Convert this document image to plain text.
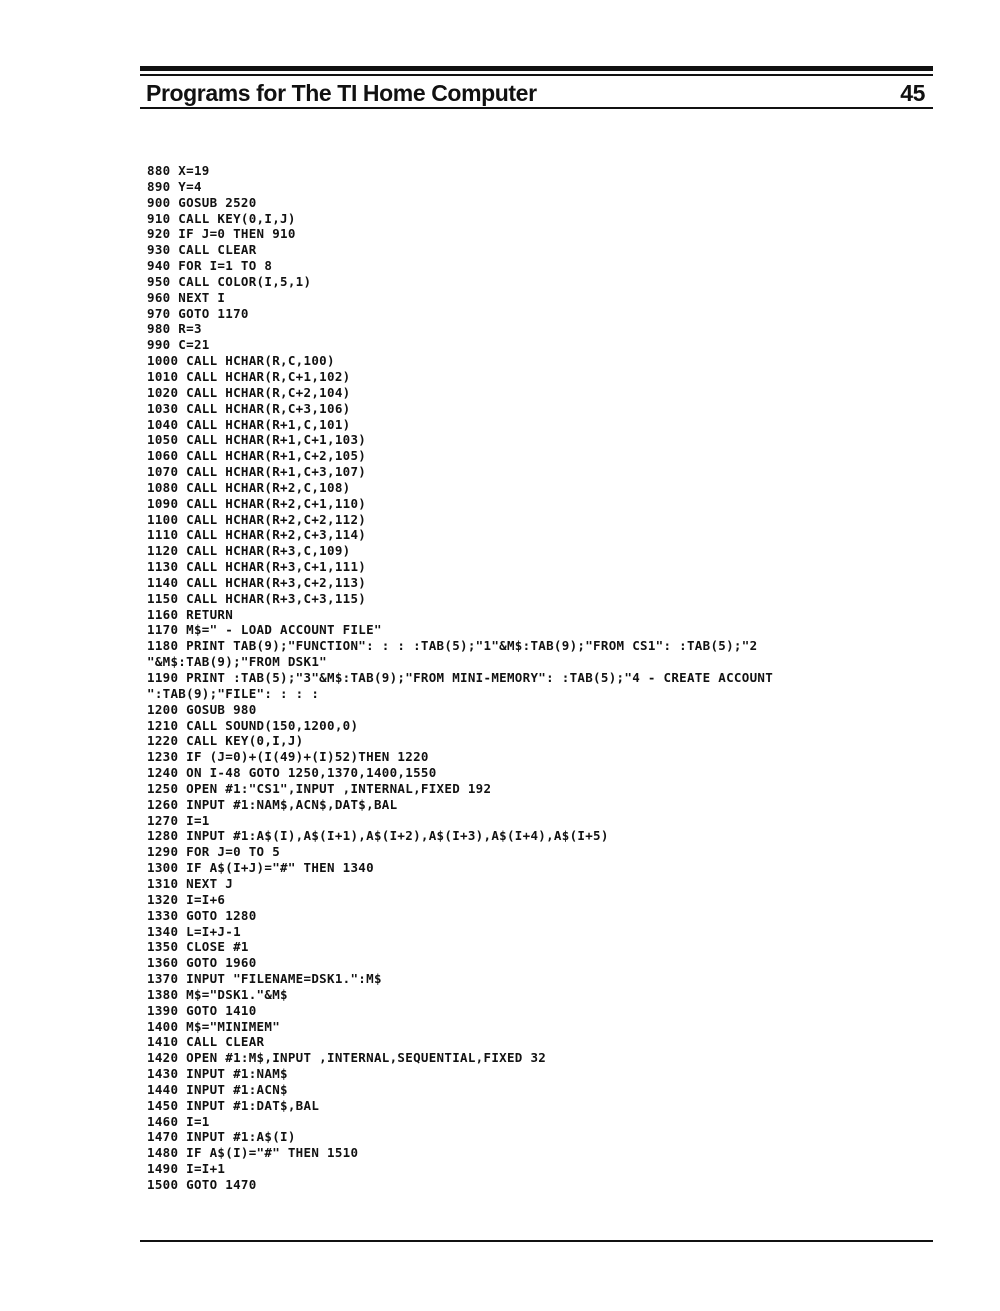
Programs for The TI Home Computer	45
880 X=19
890 Y=4
900 GOSUB 2520
910 CALL KEY(0,I,J)
920 IF J=0 THEN 910
930 CALL CLEAR
940 FOR I=1 TO 8
950 CALL COLOR(I,5,1)
960 NEXT I
970 GOTO 1170
980 R=3
990 C=21
1000 CALL HCHAR(R,C,100)
1010 CALL HCHAR(R,C+1,102)
1020 CALL HCHAR(R,C+2,104)
1030 CALL HCHAR(R,C+3,106)
1040 CALL HCHAR(R+1,C,101)
1050 CALL HCHAR(R+1,C+1,103)
1060 CALL HCHAR(R+1,C+2,105)
1070 CALL HCHAR(R+1,C+3,107)
1080 CALL HCHAR(R+2,C,108)
1090 CALL HCHAR(R+2,C+1,110)
1100 CALL HCHAR(R+2,C+2,112)
1110 CALL HCHAR(R+2,C+3,114)
1120 CALL HCHAR(R+3,C,109)
1130 CALL HCHAR(R+3,C+1,111)
1140 CALL HCHAR(R+3,C+2,113)
1150 CALL HCHAR(R+3,C+3,115)
1160 RETURN
1170 M$=" - LOAD ACCOUNT FILE"
1180 PRINT TAB(9);"FUNCTION": : : :TAB(5);"1"&M$:TAB(9);"FROM CS1": :TAB(5);"2
"&M$:TAB(9);"FROM DSK1"
1190 PRINT :TAB(5);"3"&M$:TAB(9);"FROM MINI-MEMORY": :TAB(5);"4 - CREATE ACCOUNT
":TAB(9);"FILE": : : :
1200 GOSUB 980
1210 CALL SOUND(150,1200,0)
1220 CALL KEY(0,I,J)
1230 IF (J=0)+(I(49)+(I)52)THEN 1220
1240 ON I-48 GOTO 1250,1370,1400,1550
1250 OPEN #1:"CS1",INPUT ,INTERNAL,FIXED 192
1260 INPUT #1:NAM$,ACN$,DAT$,BAL
1270 I=1
1280 INPUT #1:A$(I),A$(I+1),A$(I+2),A$(I+3),A$(I+4),A$(I+5)
1290 FOR J=0 TO 5
1300 IF A$(I+J)="#" THEN 1340
1310 NEXT J
1320 I=I+6
1330 GOTO 1280
1340 L=I+J-1
1350 CLOSE #1
1360 GOTO 1960
1370 INPUT "FILENAME=DSK1.":M$
1380 M$="DSK1."&M$
1390 GOTO 1410
1400 M$="MINIMEM"
1410 CALL CLEAR
1420 OPEN #1:M$,INPUT ,INTERNAL,SEQUENTIAL,FIXED 32
1430 INPUT #1:NAM$
1440 INPUT #1:ACN$
1450 INPUT #1:DAT$,BAL
1460 I=1
1470 INPUT #1:A$(I)
1480 IF A$(I)="#" THEN 1510
1490 I=I+1
1500 GOTO 1470
